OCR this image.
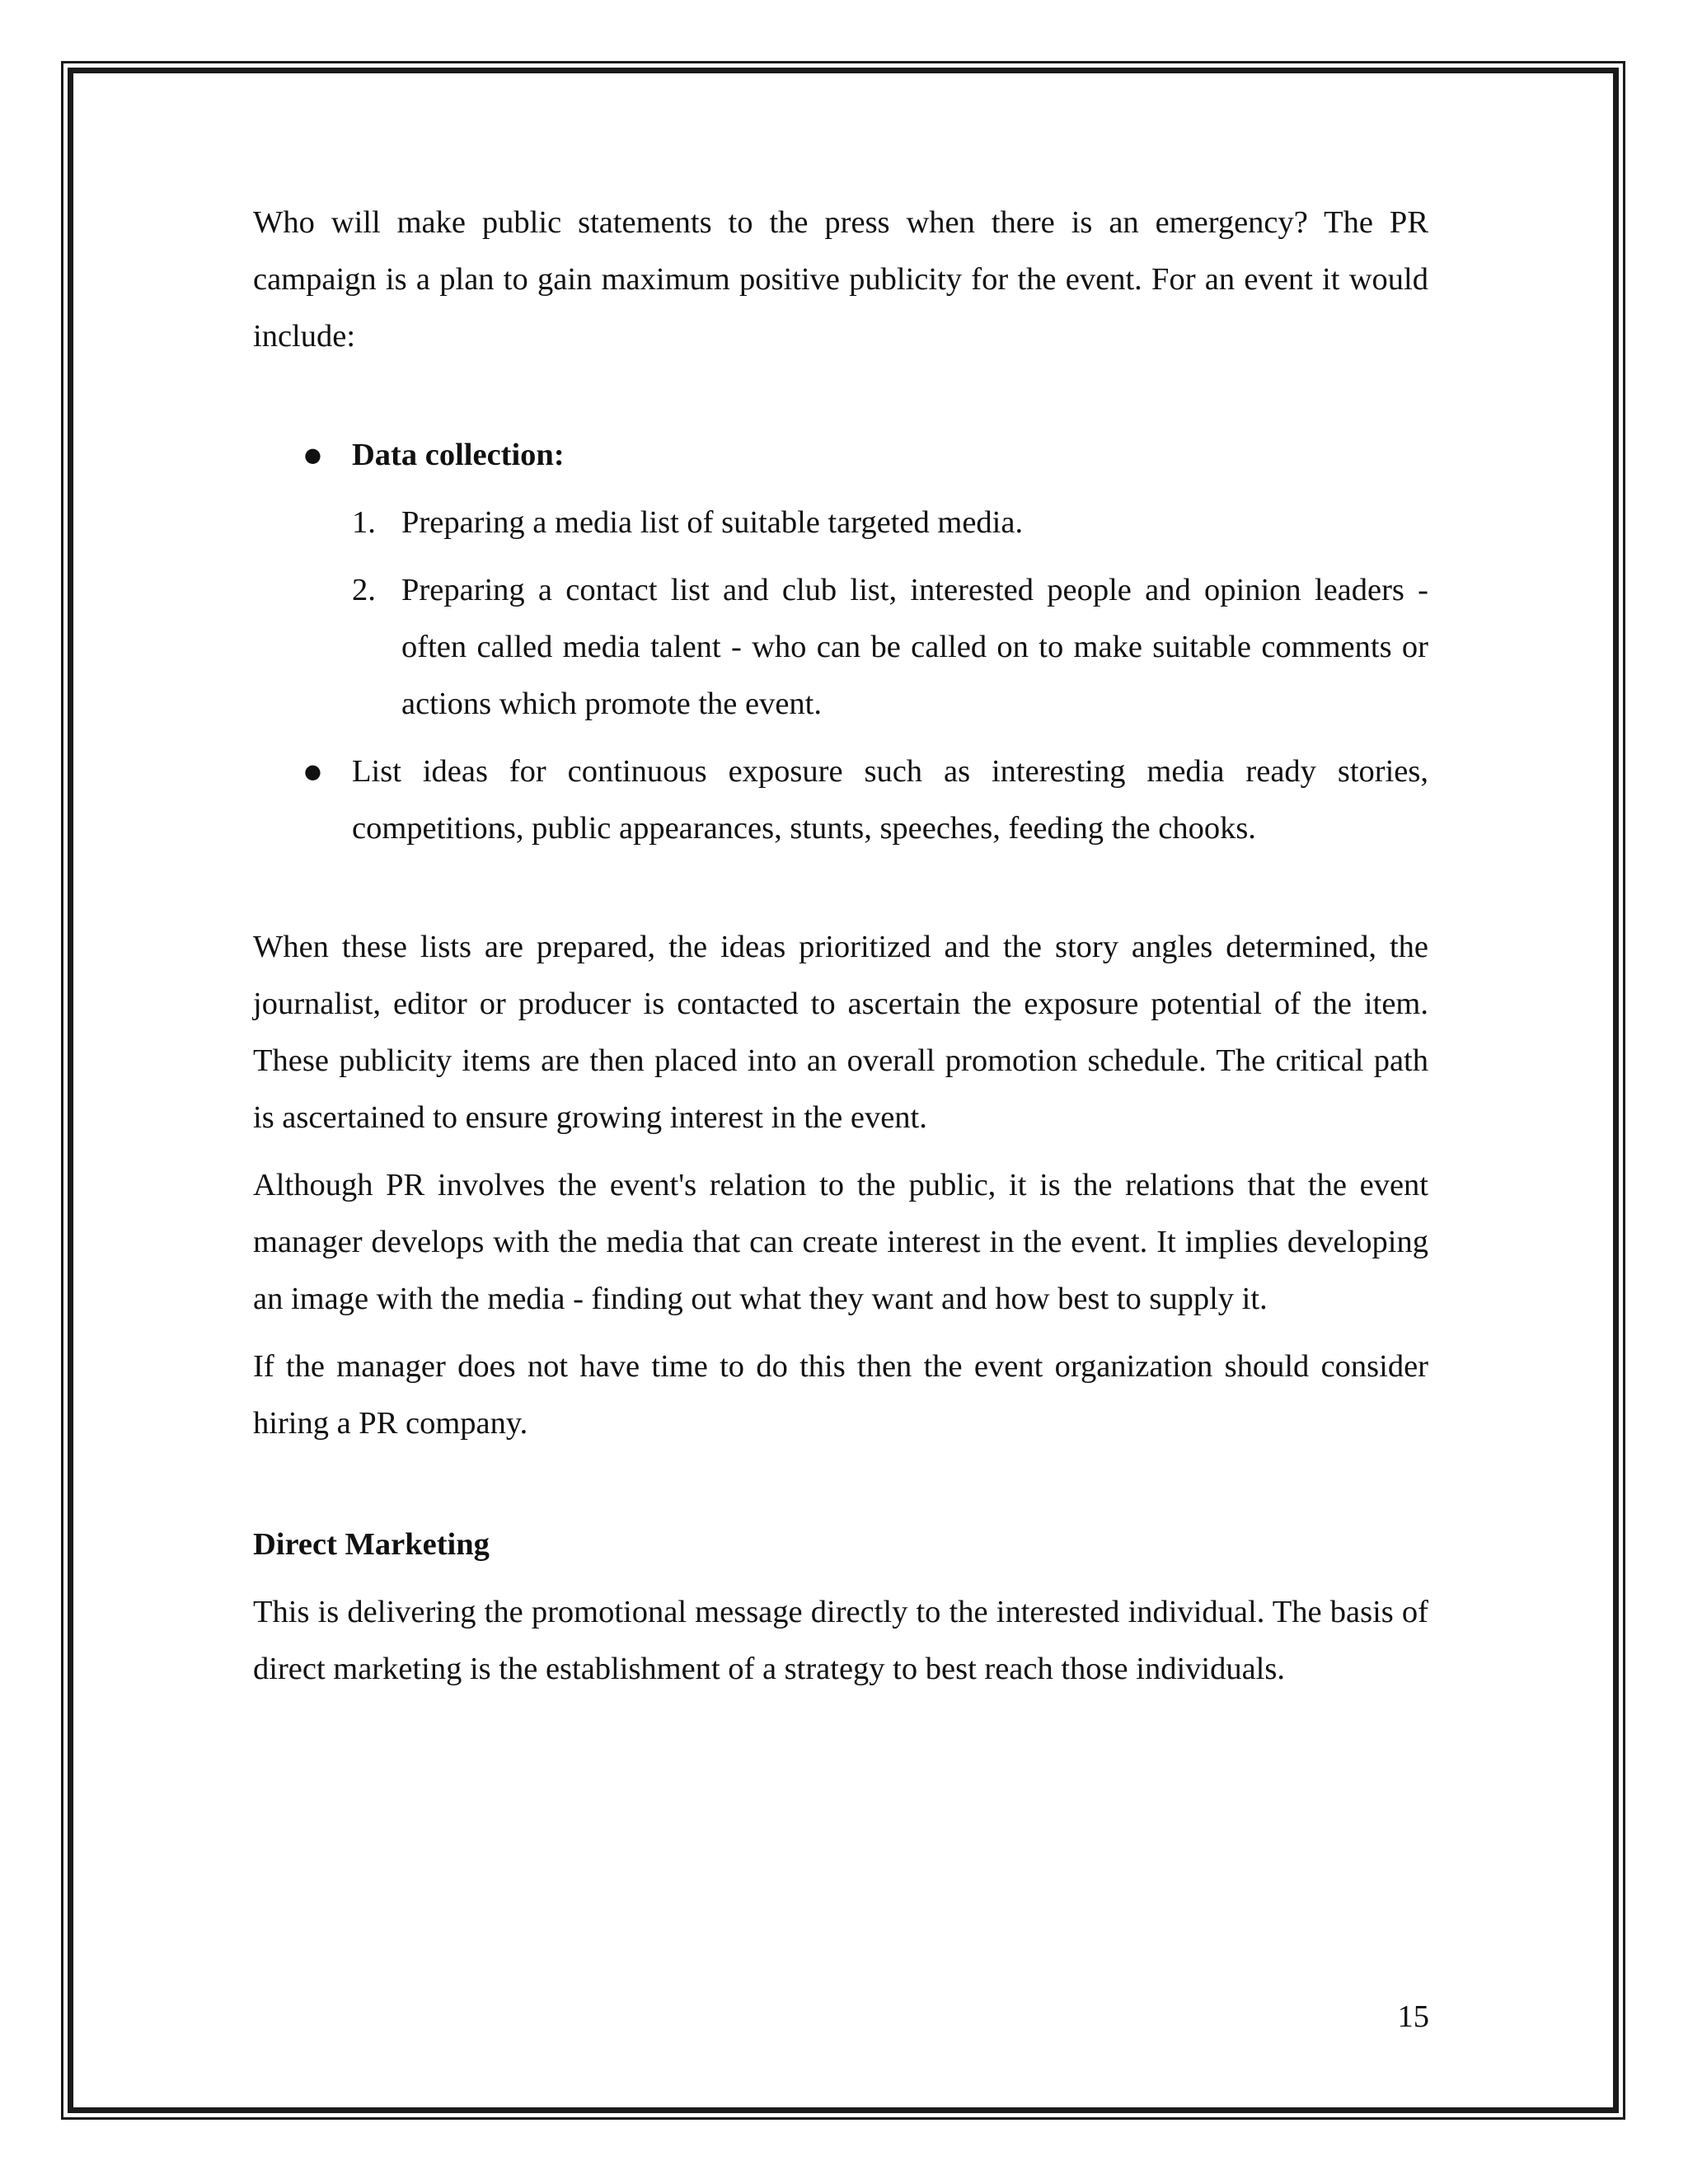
Who will make public statements to the press when there is an emergency? The PR campaign is a plan to gain maximum positive publicity for the event. For an event it would include:

● Data collection:
1. Preparing a media list of suitable targeted media.
2. Preparing a contact list and club list, interested people and opinion leaders - often called media talent - who can be called on to make suitable comments or actions which promote the event.
● List ideas for continuous exposure such as interesting media ready stories, competitions, public appearances, stunts, speeches, feeding the chooks.

When these lists are prepared, the ideas prioritized and the story angles determined, the journalist, editor or producer is contacted to ascertain the exposure potential of the item. These publicity items are then placed into an overall promotion schedule. The critical path is ascertained to ensure growing interest in the event.

Although PR involves the event's relation to the public, it is the relations that the event manager develops with the media that can create interest in the event. It implies developing an image with the media - finding out what they want and how best to supply it.

If the manager does not have time to do this then the event organization should consider hiring a PR company.

Direct Marketing

This is delivering the promotional message directly to the interested individual. The basis of direct marketing is the establishment of a strategy to best reach those individuals.

15
